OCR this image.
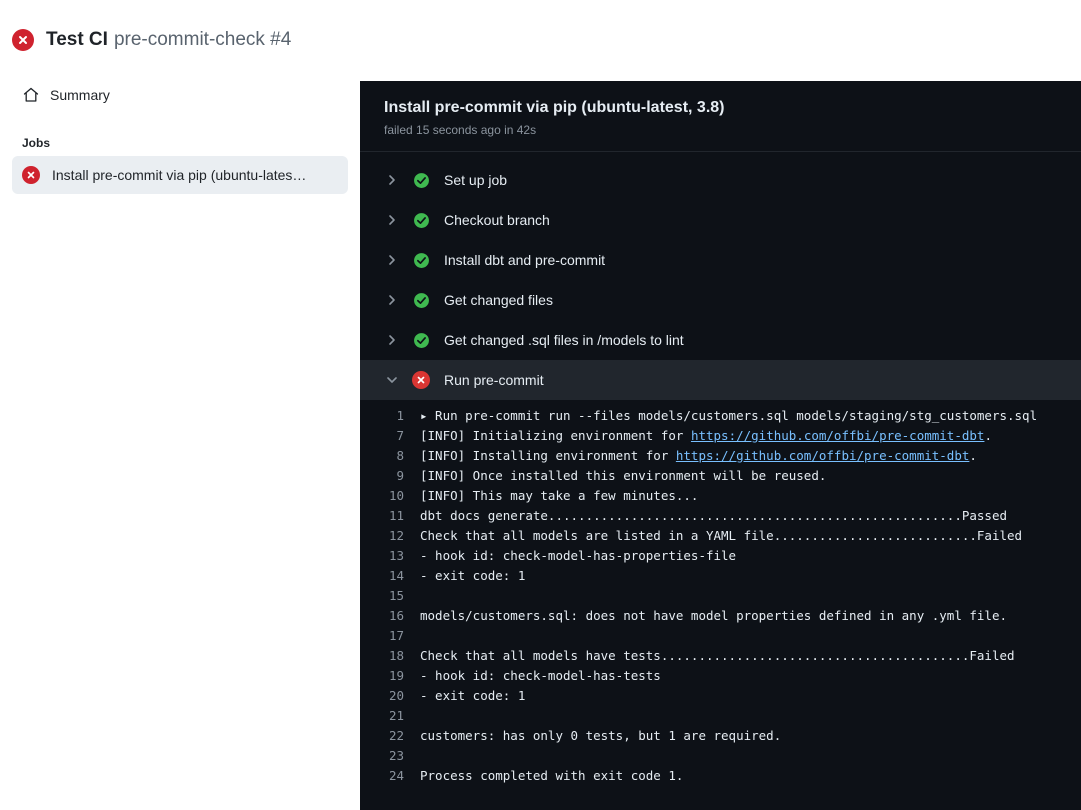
Test CI pre-commit-check #4
Summary
Jobs
Install pre-commit via pip (ubuntu-lates…
Install pre-commit via pip (ubuntu-latest, 3.8)
failed 15 seconds ago in 42s
Set up job
Checkout branch
Install dbt and pre-commit
Get changed files
Get changed .sql files in /models to lint
Run pre-commit
1	▸ Run pre-commit run --files models/customers.sql models/staging/stg_customers.sql
7	[INFO] Initializing environment for https://github.com/offbi/pre-commit-dbt.
8	[INFO] Installing environment for https://github.com/offbi/pre-commit-dbt.
9	[INFO] Once installed this environment will be reused.
10	[INFO] This may take a few minutes...
11	dbt docs generate.......................................................Passed
12	Check that all models are listed in a YAML file...........................Failed
13	- hook id: check-model-has-properties-file
14	- exit code: 1
15
16	models/customers.sql: does not have model properties defined in any .yml file.
17
18	Check that all models have tests.........................................Failed
19	- hook id: check-model-has-tests
20	- exit code: 1
21
22	customers: has only 0 tests, but 1 are required.
23
24	Process completed with exit code 1.
